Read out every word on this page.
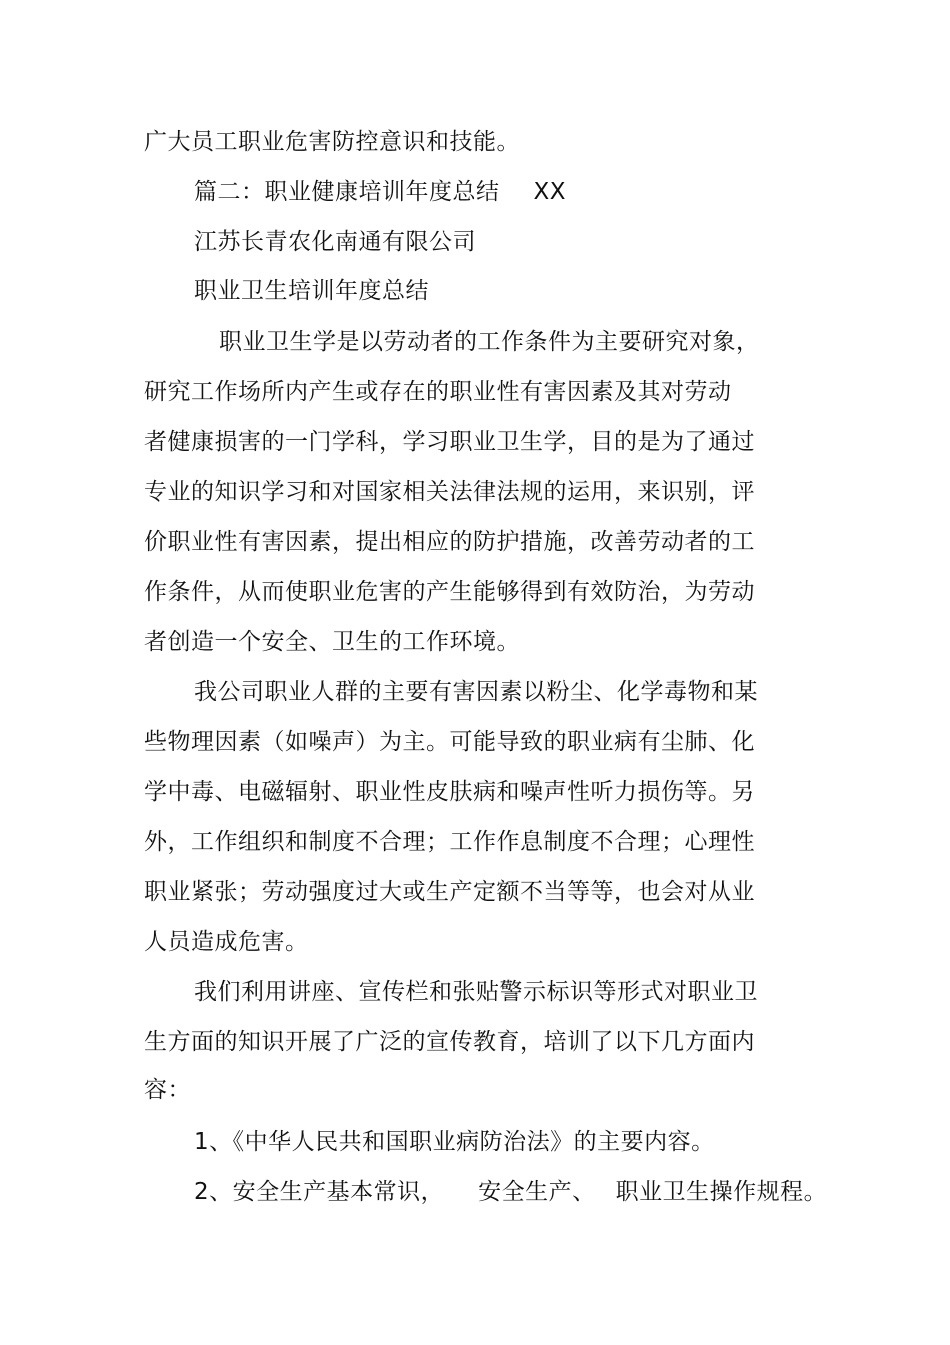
广大员工职业危害防控意识和技能。
篇二：职业健康培训年度总结 XX
江苏长青农化南通有限公司
职业卫生培训年度总结
职业卫生学是以劳动者的工作条件为主要研究对象，
研究工作场所内产生或存在的职业性有害因素及其对劳动
者健康损害的一门学科，学习职业卫生学，目的是为了通过
专业的知识学习和对国家相关法律法规的运用，来识别，评
价职业性有害因素，提出相应的防护措施，改善劳动者的工
作条件，从而使职业危害的产生能够得到有效防治，为劳动
者创造一个安全、卫生的工作环境。
我公司职业人群的主要有害因素以粉尘、化学毒物和某
些物理因素（如噪声）为主。可能导致的职业病有尘肺、化
学中毒、电磁辐射、职业性皮肤病和噪声性听力损伤等。另
外，工作组织和制度不合理；工作作息制度不合理；心理性
职业紧张；劳动强度过大或生产定额不当等等，也会对从业
人员造成危害。
我们利用讲座、宣传栏和张贴警示标识等形式对职业卫
生方面的知识开展了广泛的宣传教育，培训了以下几方面内
容：
1、《中华人民共和国职业病防治法》的主要内容。
2、安全生产基本常识， 安全生产、 职业卫生操作规程。
